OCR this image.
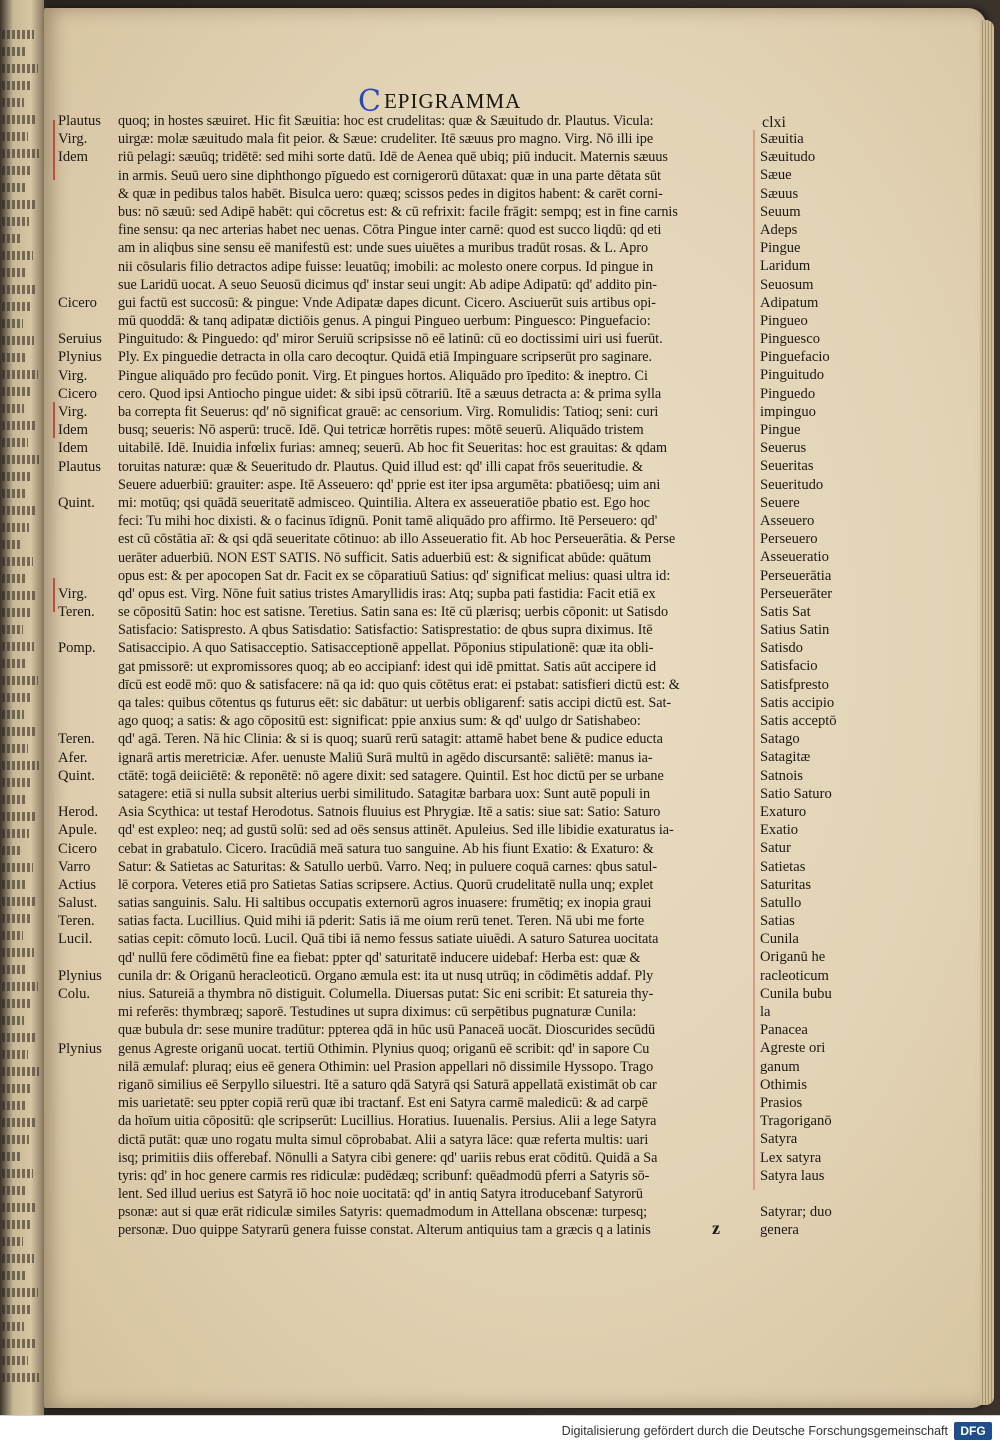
CEPIGRAMMA
clxi
Plautus	quoq; in hostes sæuiret. Hic fit Sæuitia: hoc est crudelitas: quæ & Sæuitudo dr. Plautus. Vicula:
Virg.	uirgæ: molæ sæuitudo mala fit peior. & Sæue: crudeliter. Itē sæuus pro magno. Virg. Nō illi ipe
Idem	riū pelagi: sæuūq; tridētē: sed mihi sorte datū. Idē de Aenea quē ubiq; piū inducit. Maternis sæuus
in armis. Seuū uero sine diphthongo pīguedo est cornigerorū dūtaxat: quæ in una parte dētata sūt
& quæ in pedibus talos habēt. Bisulca uero: quæq; scissos pedes in digitos habent: & carēt corni-
bus: nō sæuū: sed Adipē habēt: qui cōcretus est: & cū refrixit: facile frāgit: sempq; est in fine carnis
fine sensu: qa nec arterias habet nec uenas. Cōtra Pingue inter carnē: quod est succo liqdū: qd eti
am in aliqbus sine sensu eē manifestū est: unde sues uiuētes a muribus tradūt rosas. & L. Apro
nii cōsularis filio detractos adipe fuisse: leuatūq; imobili: ac molesto onere corpus. Id pingue in
sue Laridū uocat. A seuo Seuosū dicimus qd' instar seui ungit: Ab adipe Adipatū: qd' addito pin-
Cicero	gui factū est succosū: & pingue: Vnde Adipatæ dapes dicunt. Cicero. Asciuerūt suis artibus opi-
mū quoddā: & tanq adipatæ dictiōis genus. A pingui Pingueo uerbum: Pinguesco: Pinguefacio:
Seruius	Pinguitudo: & Pinguedo: qd' miror Seruiū scripsisse nō eē latinū: cū eo doctissimi uiri usi fuerūt.
Plynius	Ply. Ex pinguedie detracta in olla caro decoqtur. Quidā etiā Impinguare scripserūt pro saginare.
Virg.	Pingue aliquādo pro fecūdo ponit. Virg. Et pingues hortos. Aliquādo pro īpedito: & ineptro. Ci
Cicero	cero. Quod ipsi Antiocho pingue uidet: & sibi ipsū cōtrariū. Itē a sæuus detracta a: & prima sylla
Virg.	ba correpta fit Seuerus: qd' nō significat grauē: ac censorium. Virg. Romulidis: Tatioq; seni: curi
Idem	busq; seueris: Nō asperū: trucē. Idē. Qui tetricæ horrētis rupes: mōtē seuerū. Aliquādo tristem
Idem	uitabilē. Idē. Inuidia infœlix furias: amneq; seuerū. Ab hoc fit Seueritas: hoc est grauitas: & qdam
Plautus	toruitas naturæ: quæ & Seueritudo dr. Plautus. Quid illud est: qd' illi capat frōs seueritudie. &
Seuere aduerbiū: grauiter: aspe. Itē Asseuero: qd' pprie est iter ipsa argumēta: pbatiōesq; uim ani
Quint.	mi: motūq; qsi quādā seueritatē admisceo. Quintilia. Altera ex asseueratiōe pbatio est. Ego hoc
feci: Tu mihi hoc dixisti. & o facinus īdignū. Ponit tamē aliquādo pro affirmo. Itē Perseuero: qd'
est cū cōstātia aī: & qsi qdā seueritate cōtinuo: ab illo Asseueratio fit. Ab hoc Perseuerātia. & Perse
uerāter aduerbiū. NON EST SATIS. Nō sufficit. Satis aduerbiū est: & significat abūde: quātum
opus est: & per apocopen Sat dr. Facit ex se cōparatiuū Satius: qd' significat melius: quasi ultra id:
Virg.	qd' opus est. Virg. Nōne fuit satius tristes Amaryllidis iras: Atq; supba pati fastidia: Facit etiā ex
Teren.	se cōpositū Satin: hoc est satisne. Teretius. Satin sana es: Itē cū plærisq; uerbis cōponit: ut Satisdo
Satisfacio: Satispresto. A qbus Satisdatio: Satisfactio: Satisprestatio: de qbus supra diximus. Itē
Pomp.	Satisaccipio. A quo Satisacceptio. Satisacceptionē appellat. Pōponius stipulationē: quæ ita obli-
gat pmissorē: ut expromissores quoq; ab eo accipianf: idest qui idē pmittat. Satis aūt accipere id
dīcū est eodē mō: quo & satisfacere: nā qa id: quo quis cōtētus erat: ei pstabat: satisfieri dictū est: &
qa tales: quibus cōtentus qs futurus eēt: sic dabātur: ut uerbis obligarenf: satis accipi dictū est. Sat-
ago quoq; a satis: & ago cōpositū est: significat: ppie anxius sum: & qd' uulgo dr Satishabeo:
Teren.	qd' agā. Teren. Nā hic Clinia: & si is quoq; suarū rerū satagit: attamē habet bene & pudice educta
Afer.	ignarā artis meretriciæ. Afer. uenuste Maliū Surā multū in agēdo discursantē: saliētē: manus ia-
Quint.	ctātē: togā deiiciētē: & reponētē: nō agere dixit: sed satagere. Quintil. Est hoc dictū per se urbane
satagere: etiā si nulla subsit alterius uerbi similitudo. Satagitæ barbara uox: Sunt autē populi in
Herod.	Asia Scythica: ut testaf Herodotus. Satnois fluuius est Phrygiæ. Itē a satis: siue sat: Satio: Saturo
Apule.	qd' est expleo: neq; ad gustū solū: sed ad oēs sensus attinēt. Apuleius. Sed ille libidie exaturatus ia-
Cicero	cebat in grabatulo. Cicero. Iracūdiā meā satura tuo sanguine. Ab his fiunt Exatio: & Exaturo: &
Varro	Satur: & Satietas ac Saturitas: & Satullo uerbū. Varro. Neq; in puluere coquā carnes: qbus satul-
Actius	lē corpora. Veteres etiā pro Satietas Satias scripsere. Actius. Quorū crudelitatē nulla unq; explet
Salust.	satias sanguinis. Salu. Hi saltibus occupatis externorū agros inuasere: frumētiq; ex inopia graui
Teren.	satias facta. Lucillius. Quid mihi iā pderit: Satis iā me oium rerū tenet. Teren. Nā ubi me forte
Lucil.	satias cepit: cōmuto locū. Lucil. Quā tibi iā nemo fessus satiate uiuēdi. A saturo Saturea uocitata
qd' nullū fere cōdimētū fine ea fiebat: ppter qd' saturitatē inducere uidebaf: Herba est: quæ &
Plynius	cunila dr: & Origanū heracleoticū. Organo æmula est: ita ut nusq utrūq; in cōdimētis addaf. Ply
Colu.	nius. Satureiā a thymbra nō distiguit. Columella. Diuersas putat: Sic eni scribit: Et satureia thy-
mi referēs: thymbræq; saporē. Testudines ut supra diximus: cū serpētibus pugnaturæ Cunila:
quæ bubula dr: sese munire tradūtur: ppterea qdā in hūc usū Panaceā uocāt. Dioscurides secūdū
Plynius	genus Agreste origanū uocat. tertiū Othimin. Plynius quoq; origanū eē scribit: qd' in sapore Cu
nilā æmulaf: pluraq; eius eē genera Othimin: uel Prasion appellari nō dissimile Hyssopo. Trago
riganō similius eē Serpyllo siluestri. Itē a saturo qdā Satyrā qsi Saturā appellatā existimāt ob car
mis uarietatē: seu ppter copiā rerū quæ ibi tractanf. Est eni Satyra carmē maledicū: & ad carpē
da hoīum uitia cōpositū: qle scripserūt: Lucillius. Horatius. Iuuenalis. Persius. Alii a lege Satyra
dictā putāt: quæ uno rogatu multa simul cōprobabat. Alii a satyra lāce: quæ referta multis: uari
isq; primitiis diis offerebaf. Nōnulli a Satyra cibi genere: qd' uariis rebus erat cōditū. Quidā a Sa
tyris: qd' in hoc genere carmis res ridiculæ: pudēdæq; scribunf: quēadmodū pferri a Satyris sō-
lent. Sed illud uerius est Satyrā iō hoc noie uocitatā: qd' in antiq Satyra itroducebanf Satyrorū
psonæ: aut si quæ erāt ridiculæ similes Satyris: quemadmodum in Attellana obscenæ: turpesq;
personæ. Duo quippe Satyrarū genera fuisse constat. Alterum antiquius tam a græcis q a latinis
Sæuitia
Sæuitudo
Sæue
Sæuus
Seuum
Adeps
Pingue
Laridum
Seuosum
Adipatum
Pingueo
Pinguesco
Pinguefacio
Pinguitudo
Pinguedo
impinguo
Pingue
Seuerus
Seueritas
Seueritudo
Seuere
Asseuero
Perseuero
Asseueratio
Perseuerātia
Perseuerāter
Satis Sat
Satius Satin
Satisdo
Satisfacio
Satisfpresto
Satis accipio
Satis acceptō
Satago
Satagitæ
Satnois
Satio Saturo
Exaturo
Exatio
Satur
Satietas
Saturitas
Satullo
Satias
Cunila
Origanū he
racleoticum
Cunila bubu
la
Panacea
Agreste ori
ganum
Othimis
Prasios
Tragoriganō
Satyra
Lex satyra
Satyra laus
Satyrar; duo
genera
z
Digitalisierung gefördert durch die Deutsche Forschungsgemeinschaft	DFG
